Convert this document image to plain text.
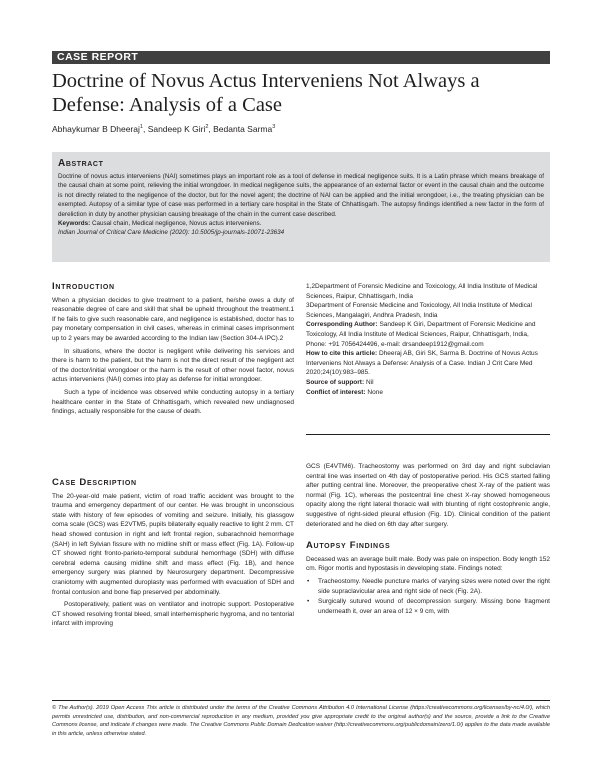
CASE REPORT
Doctrine of Novus Actus Interveniens Not Always a Defense: Analysis of a Case
Abhaykumar B Dheeraj$^1$, Sandeep K Giri$^2$, Bedanta Sarma$^3$

Abstract

Doctrine of novus actus interveniens (NAI) sometimes plays an important role as a tool of defense in medical negligence suits. It is a Latin phrase which means breakage of the causal chain at some point, relieving the initial wrongdoer. In medical negligence suits, the appearance of an external factor or event in the causal chain and the outcome is not directly related to the negligence of the doctor, but for the novel agent; the doctrine of NAI can be applied and the initial wrongdoer, i.e., the treating physician can be exempted. Autopsy of a similar type of case was performed in a tertiary care hospital in the State of Chhattisgarh. The autopsy findings identified a new factor in the form of dereliction in duty by another physician causing breakage of the chain in the current case described.

Keywords: Causal chain, Medical negligence, Novus actus interveniens.

Indian Journal of Critical Care Medicine (2020): 10.5005/jp-journals-10071-23634

Introduction

When a physician decides to give treatment to a patient, he/she owes a duty of reasonable degree of care and skill that shall be upheld throughout the treatment.1 If he fails to give such reasonable care, and negligence is established, doctor has to pay monetary compensation in civil cases, whereas in criminal cases imprisonment up to 2 years may be awarded according to the Indian law (Section 304-A IPC).2

In situations, where the doctor is negligent while delivering his services and there is harm to the patient, but the harm is not the direct result of the negligent act of the doctor/initial wrongdoer or the harm is the result of other novel factor, novus actus interveniens (NAI) comes into play as defense for initial wrongdoer.

Such a type of incidence was observed while conducting autopsy in a tertiary healthcare center in the State of Chhattisgarh, which revealed new undiagnosed findings, actually responsible for the cause of death.

Case Description

The 20-year-old male patient, victim of road traffic accident was brought to the trauma and emergency department of our center. He was brought in unconscious state with history of few episodes of vomiting and seizure. Initially, his glassgow coma scale (GCS) was E2VTM5, pupils bilaterally equally reactive to light 2 mm. CT head showed contusion in right and left frontal region, subarachnoid hemorrhage (SAH) in left Sylvian fissure with no midline shift or mass effect (Fig. 1A). Follow-up CT showed right fronto-parieto-temporal subdural hemorrhage (SDH) with diffuse cerebral edema causing midline shift and mass effect (Fig. 1B), and hence emergency surgery was planned by Neurosurgery department. Decompressive craniotomy with augmented duroplasty was performed with evacuation of SDH and frontal contusion and bone flap preserved per abdominally.

Postoperatively, patient was on ventilator and inotropic support. Postoperative CT showed resolving frontal bleed, small interhemispheric hygroma, and no tentorial infarct with improving

1,2Department of Forensic Medicine and Toxicology, All India Institute of Medical Sciences, Raipur, Chhattisgarh, India

3Department of Forensic Medicine and Toxicology, All India Institute of Medical Sciences, Mangalagiri, Andhra Pradesh, India

Corresponding Author: Sandeep K Giri, Department of Forensic Medicine and Toxicology, All India Institute of Medical Sciences, Raipur, Chhattisgarh, India, Phone: +91 7056424496, e-mail: drsandeep1912@gmail.com

How to cite this article: Dheeraj AB, Giri SK, Sarma B. Doctrine of Novus Actus Interveniens Not Always a Defense: Analysis of a Case. Indian J Crit Care Med 2020;24(10):983–985.

Source of support: Nil

Conflict of interest: None

GCS (E4VTM6). Tracheostomy was performed on 3rd day and right subclavian central line was inserted on 4th day of postoperative period. His GCS started falling after putting central line. Moreover, the preoperative chest X-ray of the patient was normal (Fig. 1C), whereas the postcentral line chest X-ray showed homogeneous opacity along the right lateral thoracic wall with blunting of right costophrenic angle, suggestive of right-sided pleural effusion (Fig. 1D). Clinical condition of the patient deteriorated and he died on 6th day after surgery.

Autopsy Findings

Deceased was an average built male. Body was pale on inspection. Body length 152 cm. Rigor mortis and hypostasis in developing state. Findings noted:

• Tracheostomy. Needle puncture marks of varying sizes were noted over the right side supraclavicular area and right side of neck (Fig. 2A).
• Surgically sutured wound of decompression surgery. Missing bone fragment underneath it, over an area of 12 × 9 cm, with
© The Author(s). 2019 Open Access This article is distributed under the terms of the Creative Commons Attribution 4.0 International License (https://creativecommons.org/licenses/by-nc/4.0/), which permits unrestricted use, distribution, and non-commercial reproduction in any medium, provided you give appropriate credit to the original author(s) and the source, provide a link to the Creative Commons license, and indicate if changes were made. The Creative Commons Public Domain Dedication waiver (http://creativecommons.org/publicdomain/zero/1.0/) applies to the data made available in this article, unless otherwise stated.
